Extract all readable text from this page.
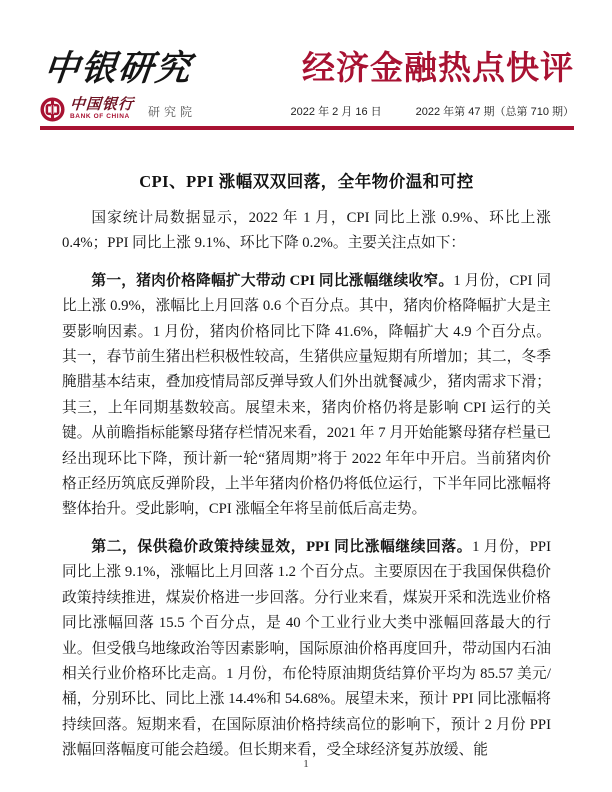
中银研究	经济金融热点快评
中国银行
BANK OF CHINA	研究院	2022 年 2 月 16 日	2022 年第 47 期（总第 710 期）
CPI、PPI 涨幅双双回落，全年物价温和可控

国家统计局数据显示，2022 年 1 月，CPI 同比上涨 0.9%、环比上涨 0.4%；PPI 同比上涨 9.1%、环比下降 0.2%。主要关注点如下：

第一，猪肉价格降幅扩大带动 CPI 同比涨幅继续收窄。1 月份，CPI 同比上涨 0.9%，涨幅比上月回落 0.6 个百分点。其中，猪肉价格降幅扩大是主要影响因素。1 月份，猪肉价格同比下降 41.6%，降幅扩大 4.9 个百分点。其一，春节前生猪出栏积极性较高，生猪供应量短期有所增加；其二，冬季腌腊基本结束，叠加疫情局部反弹导致人们外出就餐减少，猪肉需求下滑；其三，上年同期基数较高。展望未来，猪肉价格仍将是影响 CPI 运行的关键。从前瞻指标能繁母猪存栏情况来看，2021 年 7 月开始能繁母猪存栏量已经出现环比下降，预计新一轮“猪周期”将于 2022 年年中开启。当前猪肉价格正经历筑底反弹阶段，上半年猪肉价格仍将低位运行，下半年同比涨幅将整体抬升。受此影响，CPI 涨幅全年将呈前低后高走势。

第二，保供稳价政策持续显效，PPI 同比涨幅继续回落。1 月份，PPI 同比上涨 9.1%，涨幅比上月回落 1.2 个百分点。主要原因在于我国保供稳价政策持续推进，煤炭价格进一步回落。分行业来看，煤炭开采和洗选业价格同比涨幅回落 15.5 个百分点，是 40 个工业行业大类中涨幅回落最大的行业。但受俄乌地缘政治等因素影响，国际原油价格再度回升，带动国内石油相关行业价格环比走高。1 月份，布伦特原油期货结算价平均为 85.57 美元/桶，分别环比、同比上涨 14.4%和 54.68%。展望未来，预计 PPI 同比涨幅将持续回落。短期来看，在国际原油价格持续高位的影响下，预计 2 月份 PPI 涨幅回落幅度可能会趋缓。但长期来看，受全球经济复苏放缓、能

1
